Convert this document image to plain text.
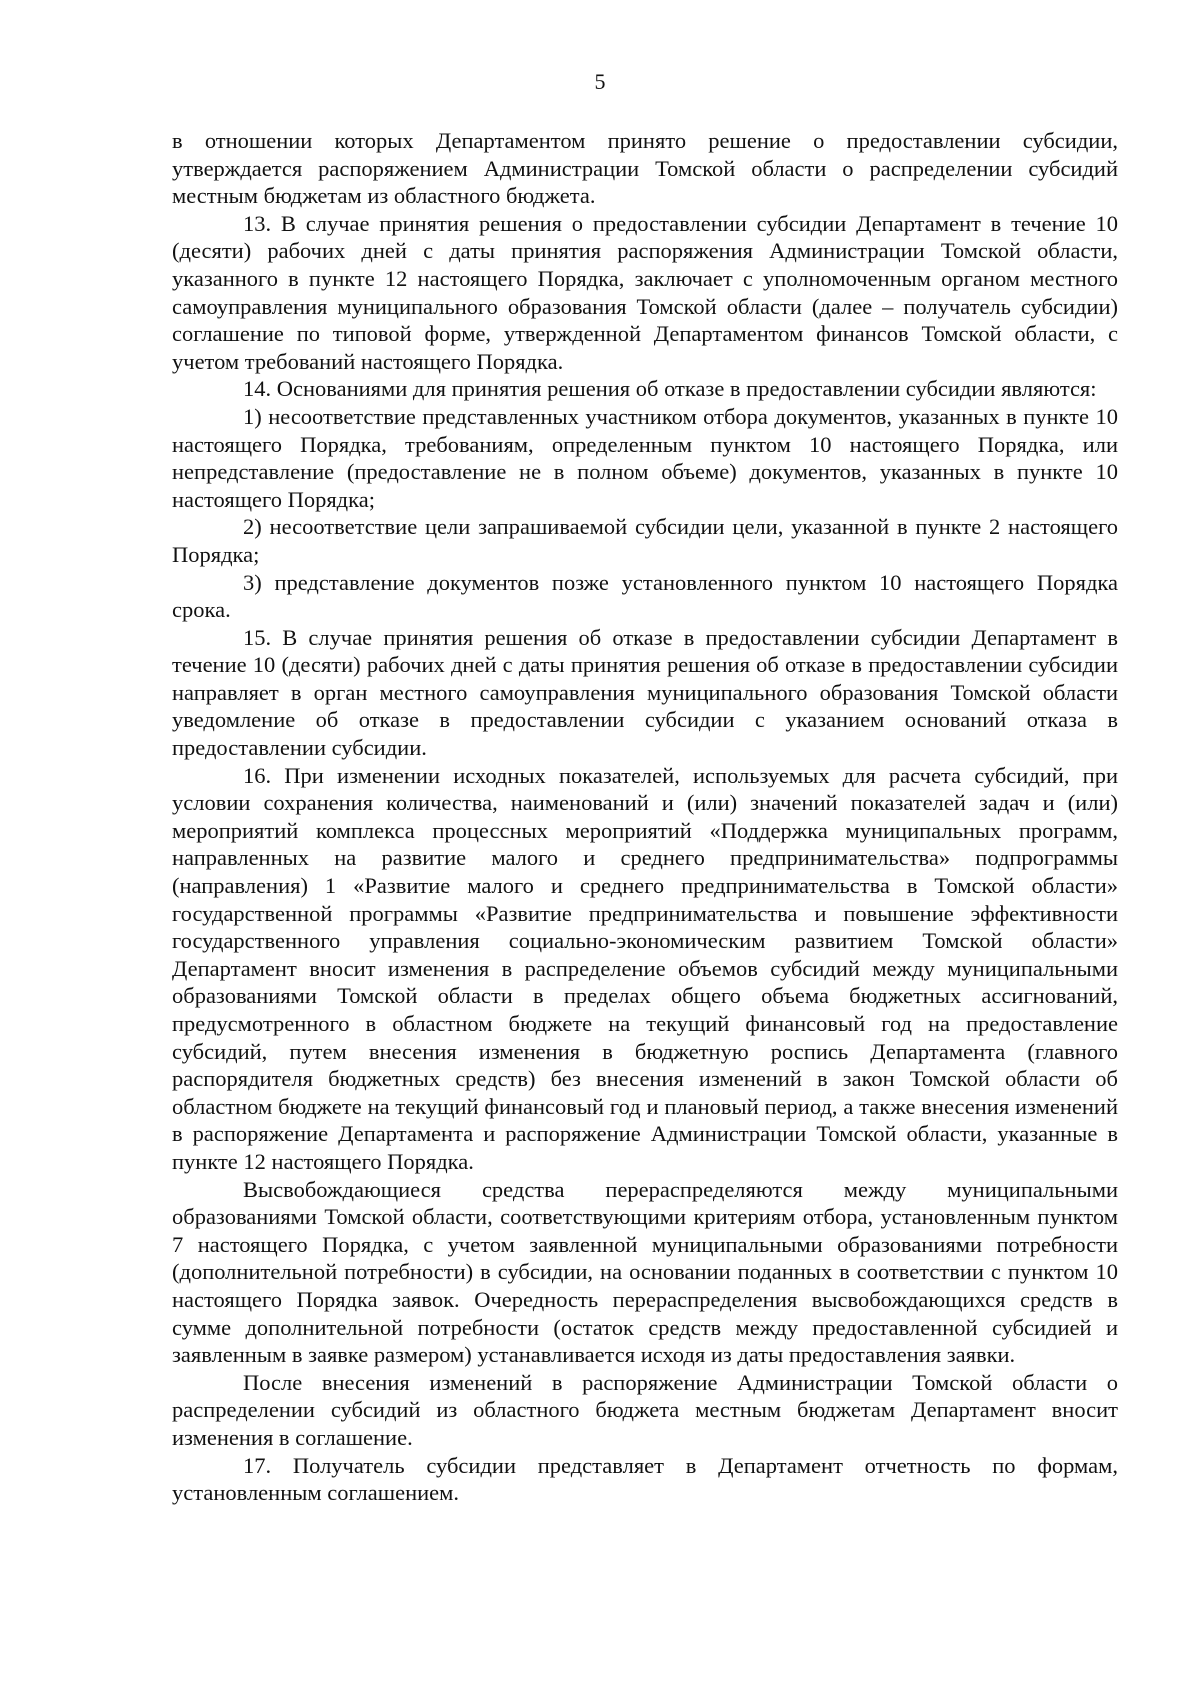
5

в отношении которых Департаментом принято решение о предоставлении субсидии, утверждается распоряжением Администрации Томской области о распределении субсидий местным бюджетам из областного бюджета.

13. В случае принятия решения о предоставлении субсидии Департамент в течение 10 (десяти) рабочих дней с даты принятия распоряжения Администрации Томской области, указанного в пункте 12 настоящего Порядка, заключает с уполномоченным органом местного самоуправления муниципального образования Томской области (далее – получатель субсидии) соглашение по типовой форме, утвержденной Департаментом финансов Томской области, с учетом требований настоящего Порядка.

14. Основаниями для принятия решения об отказе в предоставлении субсидии являются:

1) несоответствие представленных участником отбора документов, указанных в пункте 10 настоящего Порядка, требованиям, определенным пунктом 10 настоящего Порядка, или непредставление (предоставление не в полном объеме) документов, указанных в пункте 10 настоящего Порядка;

2) несоответствие цели запрашиваемой субсидии цели, указанной в пункте 2 настоящего Порядка;

3) представление документов позже установленного пунктом 10 настоящего Порядка срока.

15. В случае принятия решения об отказе в предоставлении субсидии Департамент в течение 10 (десяти) рабочих дней с даты принятия решения об отказе в предоставлении субсидии направляет в орган местного самоуправления муниципального образования Томской области уведомление об отказе в предоставлении субсидии с указанием оснований отказа в предоставлении субсидии.

16. При изменении исходных показателей, используемых для расчета субсидий, при условии сохранения количества, наименований и (или) значений показателей задач и (или) мероприятий комплекса процессных мероприятий «Поддержка муниципальных программ, направленных на развитие малого и среднего предпринимательства» подпрограммы (направления) 1 «Развитие малого и среднего предпринимательства в Томской области» государственной программы «Развитие предпринимательства и повышение эффективности государственного управления социально-экономическим развитием Томской области» Департамент вносит изменения в распределение объемов субсидий между муниципальными образованиями Томской области в пределах общего объема бюджетных ассигнований, предусмотренного в областном бюджете на текущий финансовый год на предоставление субсидий, путем внесения изменения в бюджетную роспись Департамента (главного распорядителя бюджетных средств) без внесения изменений в закон Томской области об областном бюджете на текущий финансовый год и плановый период, а также внесения изменений в распоряжение Департамента и распоряжение Администрации Томской области, указанные в пункте 12 настоящего Порядка.

Высвобождающиеся средства перераспределяются между муниципальными образованиями Томской области, соответствующими критериям отбора, установленным пунктом 7 настоящего Порядка, с учетом заявленной муниципальными образованиями потребности (дополнительной потребности) в субсидии, на основании поданных в соответствии с пунктом 10 настоящего Порядка заявок. Очередность перераспределения высвобождающихся средств в сумме дополнительной потребности (остаток средств между предоставленной субсидией и заявленным в заявке размером) устанавливается исходя из даты предоставления заявки.

После внесения изменений в распоряжение Администрации Томской области о распределении субсидий из областного бюджета местным бюджетам Департамент вносит изменения в соглашение.

17. Получатель субсидии представляет в Департамент отчетность по формам, установленным соглашением.
